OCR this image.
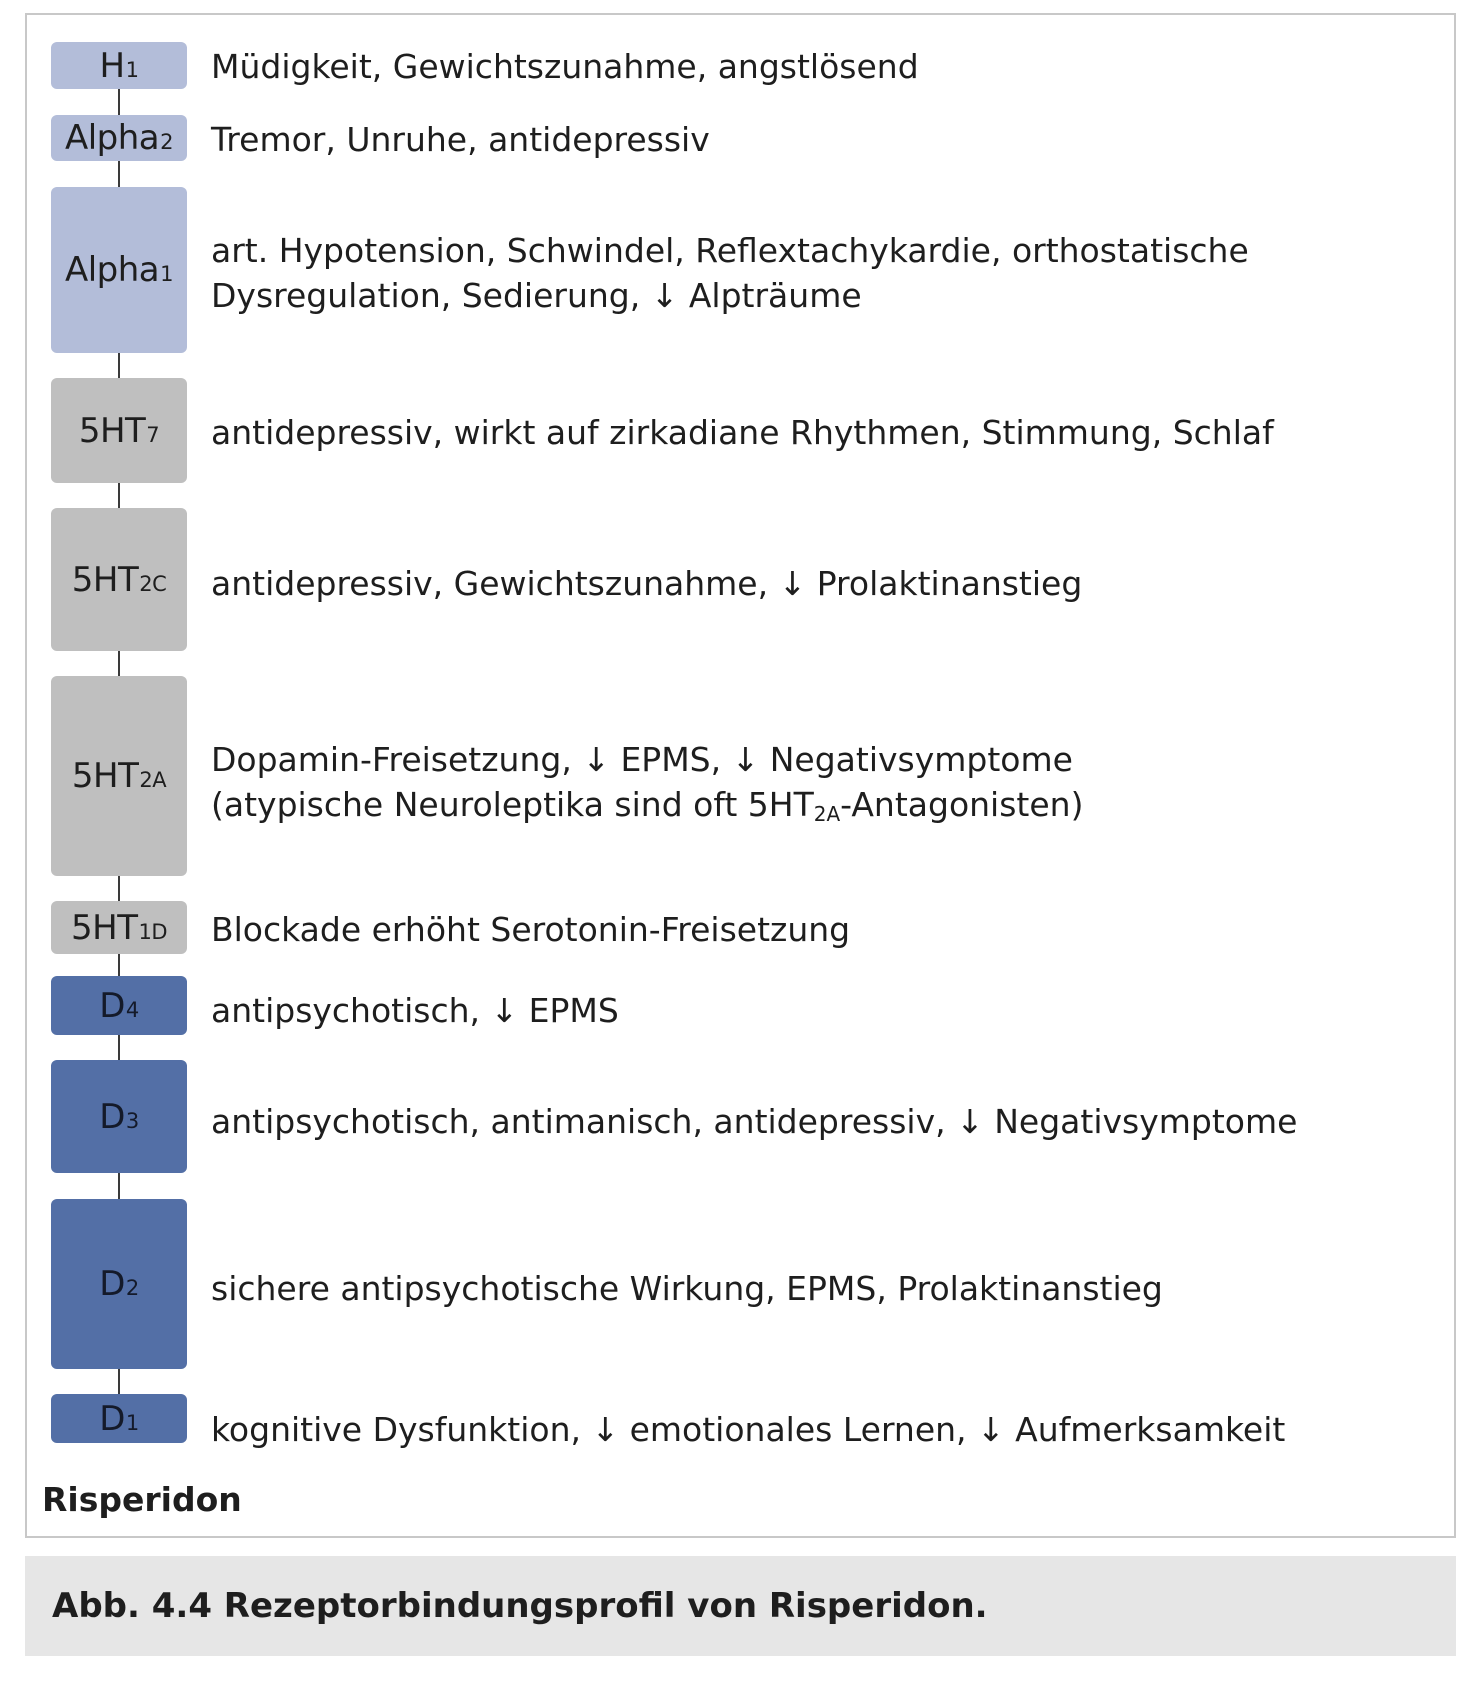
$H_1$ Müdigkeit, Gewichtszunahme, angstlösend
Alpha$_2$ Tremor, Unruhe, antidepressiv
Alpha$_1$
art. Hypotension, Schwindel, Reflextachykardie, orthostatische
Dysregulation, Sedierung, ↓ Alpträume
$5HT_7$ antidepressiv, wirkt auf zirkadiane Rhythmen, Stimmung, Schlaf
$5HT_{2C}$ antidepressiv, Gewichtszunahme, ↓ Prolaktinanstieg
$5HT_{2A}$
Dopamin-Freisetzung, ↓ EPMS, ↓ Negativsymptome
(atypische Neuroleptika sind oft $5HT_{2A}-Antagonisten$)
$5HT_{1D}$ Blockade erhöht Serotonin-Freisetzung
$D_4$ antipsychotisch, ↓ EPMS
$D_3$ antipsychotisch, antimanisch, antidepressiv, ↓ Negativsymptome
$D_2$ sichere antipsychotische Wirkung, EPMS, Prolaktinanstieg
$D_1$ kognitive Dysfunktion, ↓ emotionales Lernen, ↓ Aufmerksamkeit
Risperidon
Abb. 4.4 Rezeptorbindungsprofil von Risperidon.
